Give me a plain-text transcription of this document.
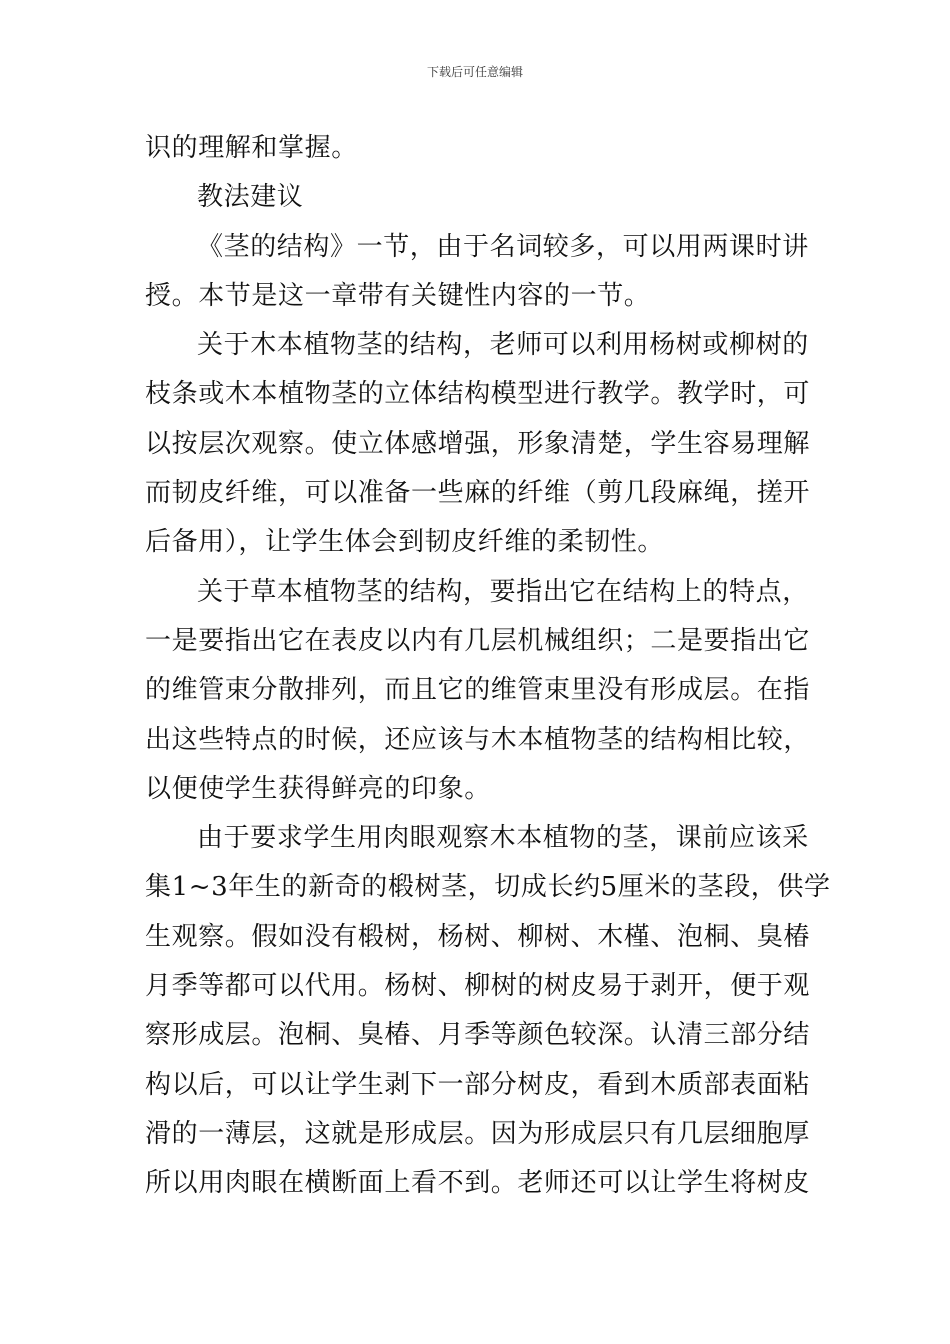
下载后可任意编辑
识的理解和掌握。
教法建议
《茎的结构》一节，由于名词较多，可以用两课时讲
授。本节是这一章带有关键性内容的一节。
关于木本植物茎的结构，老师可以利用杨树或柳树的
枝条或木本植物茎的立体结构模型进行教学。教学时，可
以按层次观察。使立体感增强，形象清楚，学生容易理解
而韧皮纤维，可以准备一些麻的纤维（剪几段麻绳，搓开
后备用），让学生体会到韧皮纤维的柔韧性。
关于草本植物茎的结构，要指出它在结构上的特点，
一是要指出它在表皮以内有几层机械组织；二是要指出它
的维管束分散排列，而且它的维管束里没有形成层。在指
出这些特点的时候，还应该与木本植物茎的结构相比较，
以便使学生获得鲜亮的印象。
由于要求学生用肉眼观察木本植物的茎，课前应该采
集1~3年生的新奇的椴树茎，切成长约5厘米的茎段，供学
生观察。假如没有椴树，杨树、柳树、木槿、泡桐、臭椿
月季等都可以代用。杨树、柳树的树皮易于剥开，便于观
察形成层。泡桐、臭椿、月季等颜色较深。认清三部分结
构以后，可以让学生剥下一部分树皮，看到木质部表面粘
滑的一薄层，这就是形成层。因为形成层只有几层细胞厚
所以用肉眼在横断面上看不到。老师还可以让学生将树皮
